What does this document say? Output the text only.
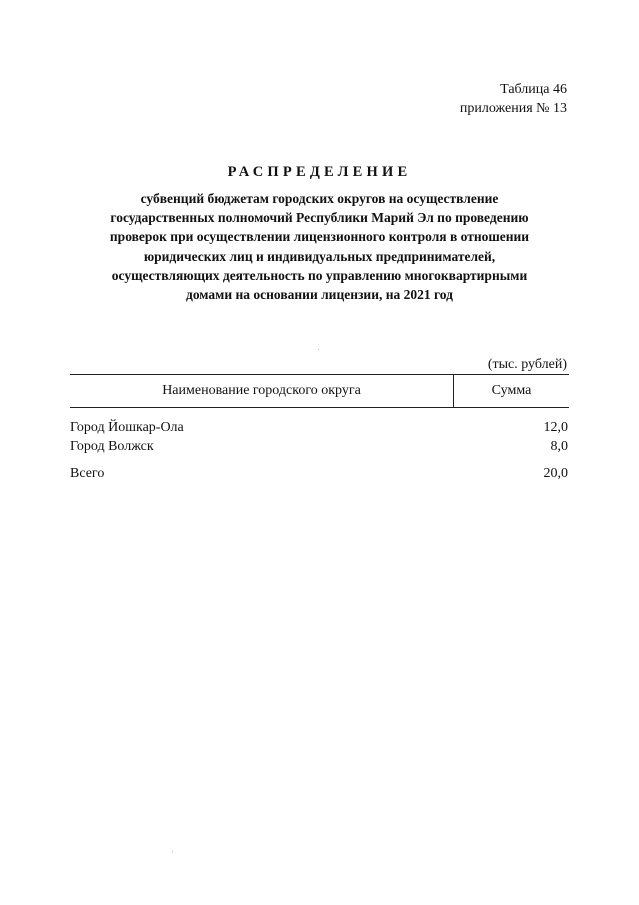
Таблица 46
приложения № 13
РАСПРЕДЕЛЕНИЕ
субвенций бюджетам городских округов на осуществление
государственных полномочий Республики Марий Эл по проведению
проверок при осуществлении лицензионного контроля в отношении
юридических лиц и индивидуальных предпринимателей,
осуществляющих деятельность по управлению многоквартирными
домами на основании лицензии, на 2021 год
(тыс. рублей)
Наименование городского округа	Сумма
Город Йошкар-Ола	12,0
Город Волжск	8,0
Всего	20,0
